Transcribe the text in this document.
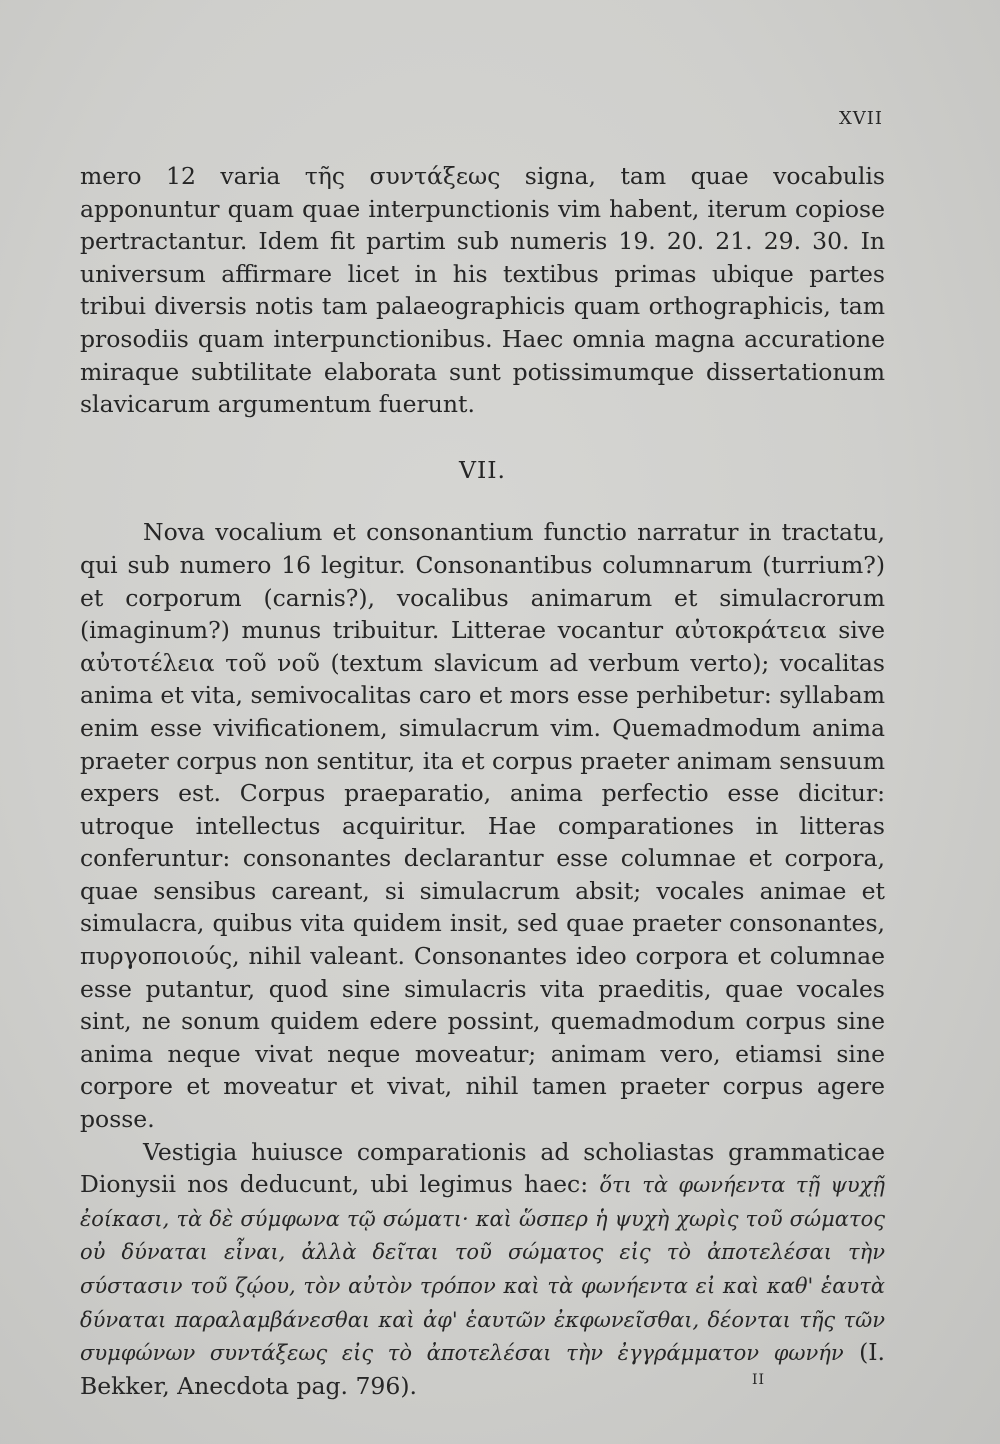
XVII

mero 12 varia τῆς συντάξεως signa, tam quae vocabulis apponuntur quam quae interpunctionis vim habent, iterum copiose pertractantur. Idem fit partim sub numeris 19. 20. 21. 29. 30. In universum affirmare licet in his textibus primas ubique partes tribui diversis notis tam palaeographicis quam orthographicis, tam prosodiis quam interpunctionibus. Haec omnia magna accuratione miraque subtilitate elaborata sunt potissimumque dissertationum slavicarum argumentum fuerunt.

VII.

Nova vocalium et consonantium functio narratur in tractatu, qui sub numero 16 legitur. Consonantibus columnarum (turrium?) et corporum (carnis?), vocalibus animarum et simulacrorum (imaginum?) munus tribuitur. Litterae vocantur αὐτοκράτεια sive αὐτοτέλεια τοῦ νοῦ (textum slavicum ad verbum verto); vocalitas anima et vita, semivocalitas caro et mors esse perhibetur: syllabam enim esse vivificationem, simulacrum vim. Quemadmodum anima praeter corpus non sentitur, ita et corpus praeter animam sensuum expers est. Corpus praeparatio, anima perfectio esse dicitur: utroque intellectus acquiritur. Hae comparationes in litteras conferuntur: consonantes declarantur esse columnae et corpora, quae sensibus careant, si simulacrum absit; vocales animae et simulacra, quibus vita quidem insit, sed quae praeter consonantes, πυργοποιούς, nihil valeant. Consonantes ideo corpora et columnae esse putantur, quod sine simulacris vita praeditis, quae vocales sint, ne sonum quidem edere possint, quemadmodum corpus sine anima neque vivat neque moveatur; animam vero, etiamsi sine corpore et moveatur et vivat, nihil tamen praeter corpus agere posse.

Vestigia huiusce comparationis ad scholiastas grammaticae Dionysii nos deducunt, ubi legimus haec: ὅτι τὰ φωνήεντα τῇ ψυχῇ ἐοίκασι, τὰ δὲ σύμφωνα τῷ σώματι· καὶ ὥσπερ ἡ ψυχὴ χωρὶς τοῦ σώματος οὐ δύναται εἶναι, ἀλλὰ δεῖται τοῦ σώματος εἰς τὸ ἀποτελέσαι τὴν σύστασιν τοῦ ζῴου, τὸν αὐτὸν τρόπον καὶ τὰ φωνήεντα εἰ καὶ καθ' ἑαυτὰ δύναται παραλαμβάνεσθαι καὶ ἀφ' ἑαυτῶν ἐκφωνεῖσθαι, δέονται τῆς τῶν συμφώνων συντάξεως εἰς τὸ ἀποτελέσαι τὴν ἐγγράμματον φωνήν (I. Bekker, Anecdota pag. 796).	II
